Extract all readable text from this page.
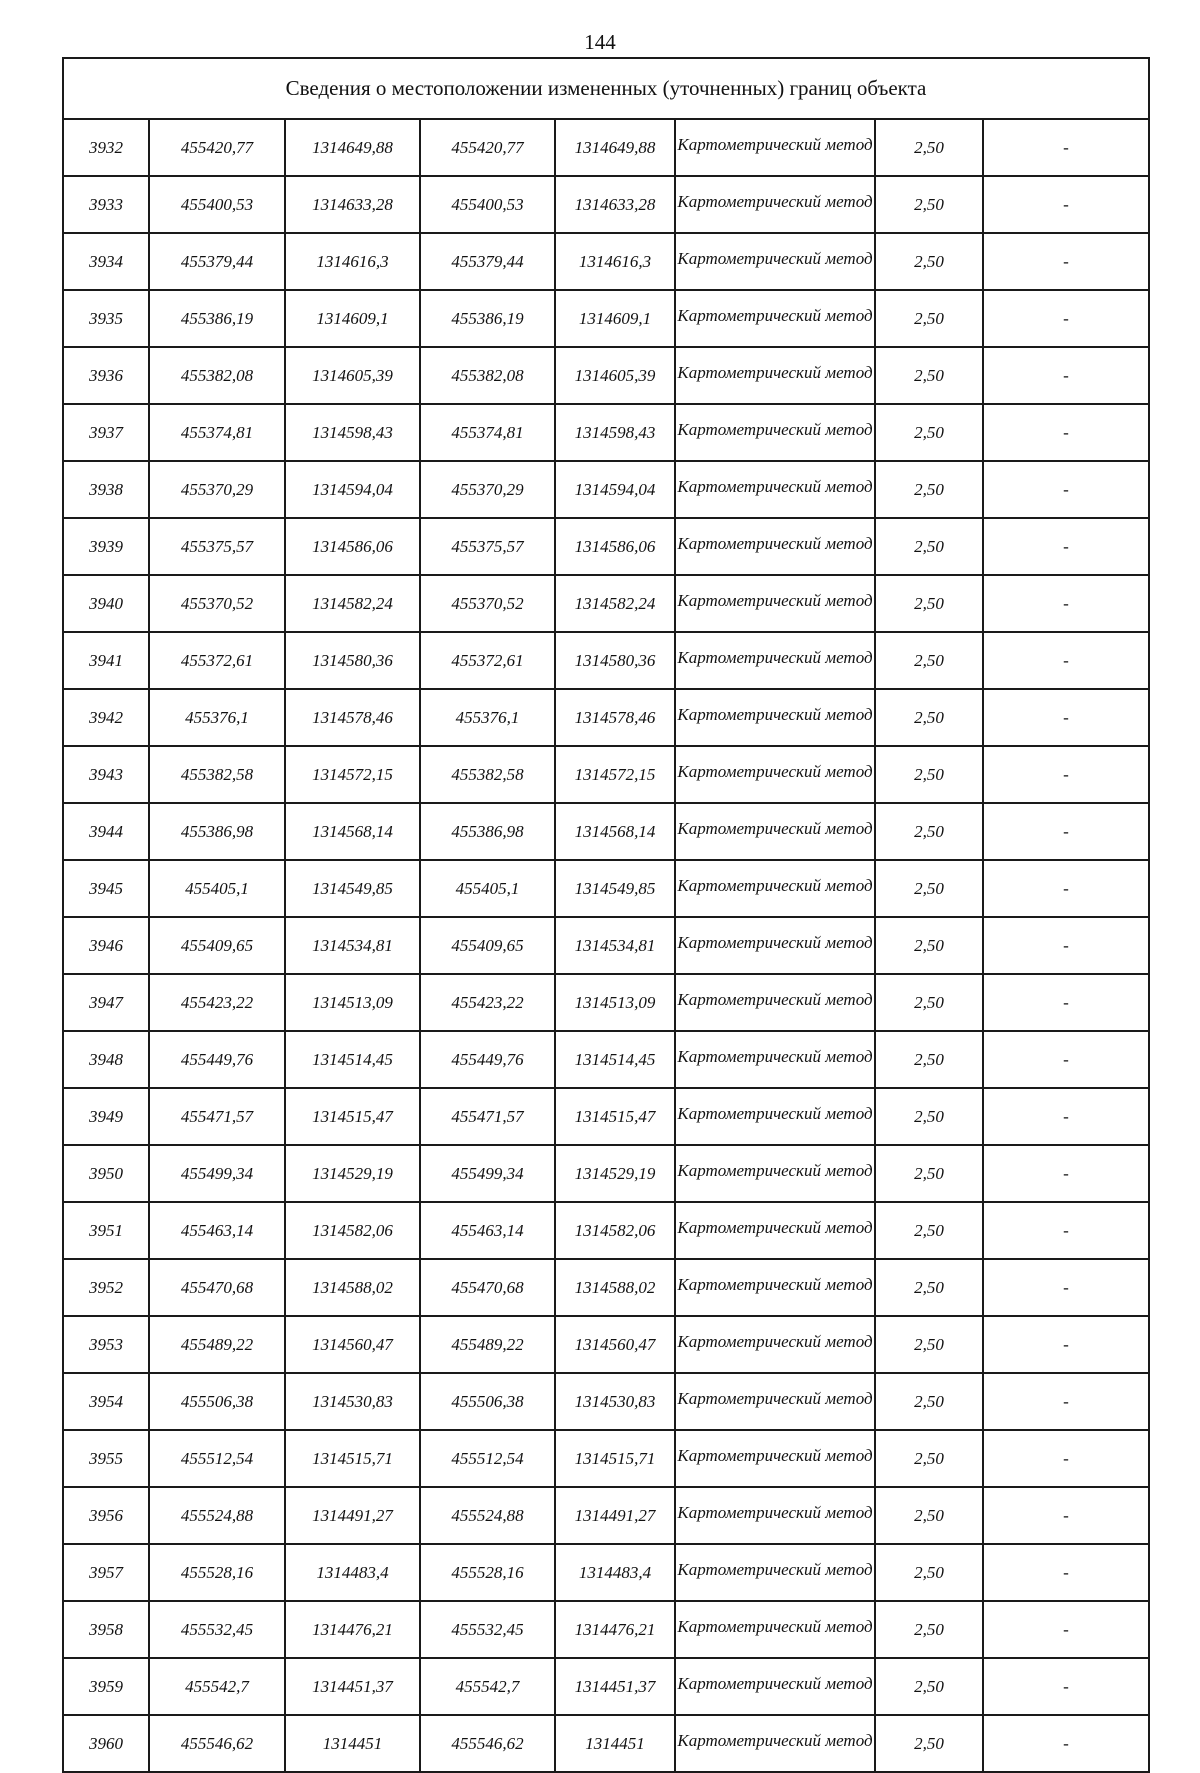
144
Сведения о местоположении измененных (уточненных) границ объекта							
3932	455420,77	1314649,88	455420,77	1314649,88	Картометрический метод	2,50	-
3933	455400,53	1314633,28	455400,53	1314633,28	Картометрический метод	2,50	-
3934	455379,44	1314616,3	455379,44	1314616,3	Картометрический метод	2,50	-
3935	455386,19	1314609,1	455386,19	1314609,1	Картометрический метод	2,50	-
3936	455382,08	1314605,39	455382,08	1314605,39	Картометрический метод	2,50	-
3937	455374,81	1314598,43	455374,81	1314598,43	Картометрический метод	2,50	-
3938	455370,29	1314594,04	455370,29	1314594,04	Картометрический метод	2,50	-
3939	455375,57	1314586,06	455375,57	1314586,06	Картометрический метод	2,50	-
3940	455370,52	1314582,24	455370,52	1314582,24	Картометрический метод	2,50	-
3941	455372,61	1314580,36	455372,61	1314580,36	Картометрический метод	2,50	-
3942	455376,1	1314578,46	455376,1	1314578,46	Картометрический метод	2,50	-
3943	455382,58	1314572,15	455382,58	1314572,15	Картометрический метод	2,50	-
3944	455386,98	1314568,14	455386,98	1314568,14	Картометрический метод	2,50	-
3945	455405,1	1314549,85	455405,1	1314549,85	Картометрический метод	2,50	-
3946	455409,65	1314534,81	455409,65	1314534,81	Картометрический метод	2,50	-
3947	455423,22	1314513,09	455423,22	1314513,09	Картометрический метод	2,50	-
3948	455449,76	1314514,45	455449,76	1314514,45	Картометрический метод	2,50	-
3949	455471,57	1314515,47	455471,57	1314515,47	Картометрический метод	2,50	-
3950	455499,34	1314529,19	455499,34	1314529,19	Картометрический метод	2,50	-
3951	455463,14	1314582,06	455463,14	1314582,06	Картометрический метод	2,50	-
3952	455470,68	1314588,02	455470,68	1314588,02	Картометрический метод	2,50	-
3953	455489,22	1314560,47	455489,22	1314560,47	Картометрический метод	2,50	-
3954	455506,38	1314530,83	455506,38	1314530,83	Картометрический метод	2,50	-
3955	455512,54	1314515,71	455512,54	1314515,71	Картометрический метод	2,50	-
3956	455524,88	1314491,27	455524,88	1314491,27	Картометрический метод	2,50	-
3957	455528,16	1314483,4	455528,16	1314483,4	Картометрический метод	2,50	-
3958	455532,45	1314476,21	455532,45	1314476,21	Картометрический метод	2,50	-
3959	455542,7	1314451,37	455542,7	1314451,37	Картометрический метод	2,50	-
3960	455546,62	1314451	455546,62	1314451	Картометрический метод	2,50	-
